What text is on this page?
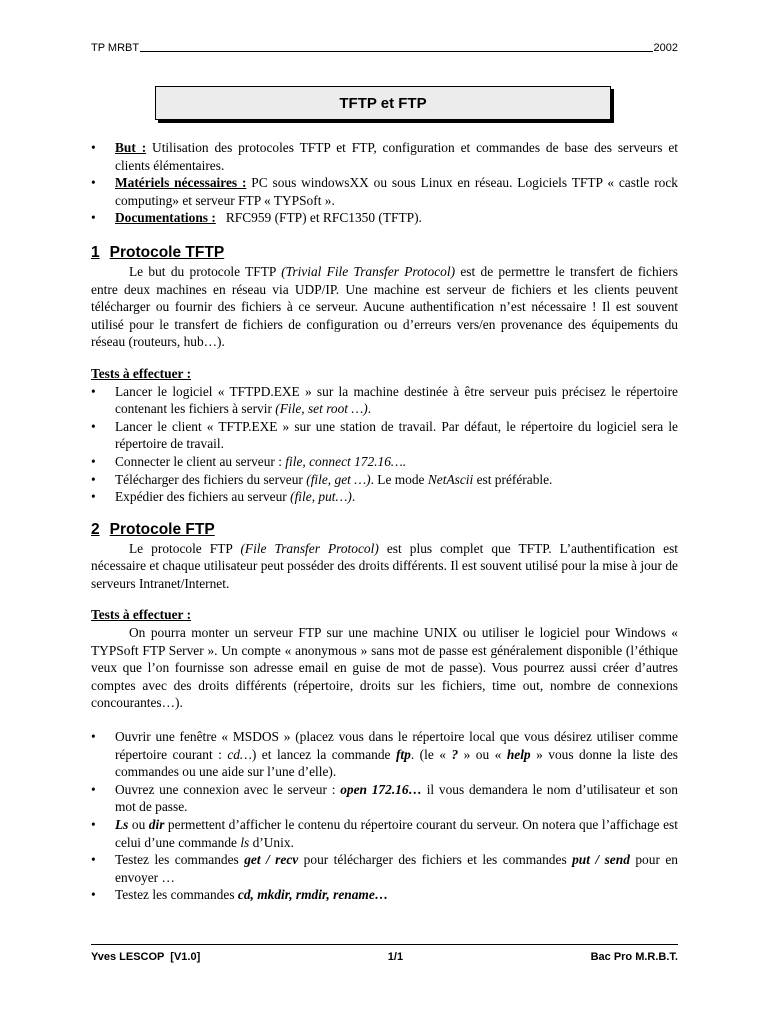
TP MRBT	2002
TFTP et FTP
• But : Utilisation des protocoles TFTP et FTP, configuration et commandes de base des serveurs et clients élémentaires.
• Matériels nécessaires : PC sous windowsXX ou sous Linux en réseau. Logiciels TFTP « castle rock computing» et serveur FTP « TYPSoft ».
• Documentations :   RFC959 (FTP) et RFC1350 (TFTP).
1 Protocole TFTP

Le but du protocole TFTP (Trivial File Transfer Protocol) est de permettre le transfert de fichiers entre deux machines en réseau via UDP/IP. Une machine est serveur de fichiers et les clients peuvent télécharger ou fournir des fichiers à ce serveur. Aucune authentification n’est nécessaire ! Il est souvent utilisé pour le transfert de fichiers de configuration ou d’erreurs vers/en provenance des équipements du réseau (routeurs, hub…).

Tests à effectuer :

• Lancer le logiciel « TFTPD.EXE » sur la machine destinée à être serveur puis précisez le répertoire contenant les fichiers à servir (File, set root …).
• Lancer le client « TFTP.EXE » sur une station de travail. Par défaut, le répertoire du logiciel sera le répertoire de travail.
• Connecter le client au serveur : file, connect 172.16….
• Télécharger des fichiers du serveur (file, get …). Le mode NetAscii est préférable.
• Expédier des fichiers au serveur (file, put…).
2 Protocole FTP

Le protocole FTP (File Transfer Protocol) est plus complet que TFTP. L’authentification est nécessaire et chaque utilisateur peut posséder des droits différents. Il est souvent utilisé pour la mise à jour de serveurs Intranet/Internet.

Tests à effectuer :

On pourra monter un serveur FTP sur une machine UNIX ou utiliser le logiciel pour Windows « TYPSoft FTP Server ». Un compte « anonymous » sans mot de passe est généralement disponible (l’éthique veux que l’on fournisse son adresse email en guise de mot de passe). Vous pourrez aussi créer d’autres comptes avec des droits différents (répertoire, droits sur les fichiers, time out, nombre de connexions concourantes…).

• Ouvrir une fenêtre « MSDOS » (placez vous dans le répertoire local que vous désirez utiliser comme répertoire courant : cd…) et lancez la commande ftp. (le « ? » ou « help » vous donne la liste des commandes ou une aide sur l’une d’elle).
• Ouvrez une connexion avec le serveur : open 172.16… il vous demandera le nom d’utilisateur et son mot de passe.
• Ls ou dir permettent d’afficher le contenu du répertoire courant du serveur. On notera que l’affichage est celui d’une commande ls d’Unix.
• Testez les commandes get / recv pour télécharger des fichiers et les commandes put / send pour en envoyer …
• Testez les commandes cd, mkdir, rmdir, rename…
Yves LESCOP  [V1.0]	1/1	Bac Pro M.R.B.T.
